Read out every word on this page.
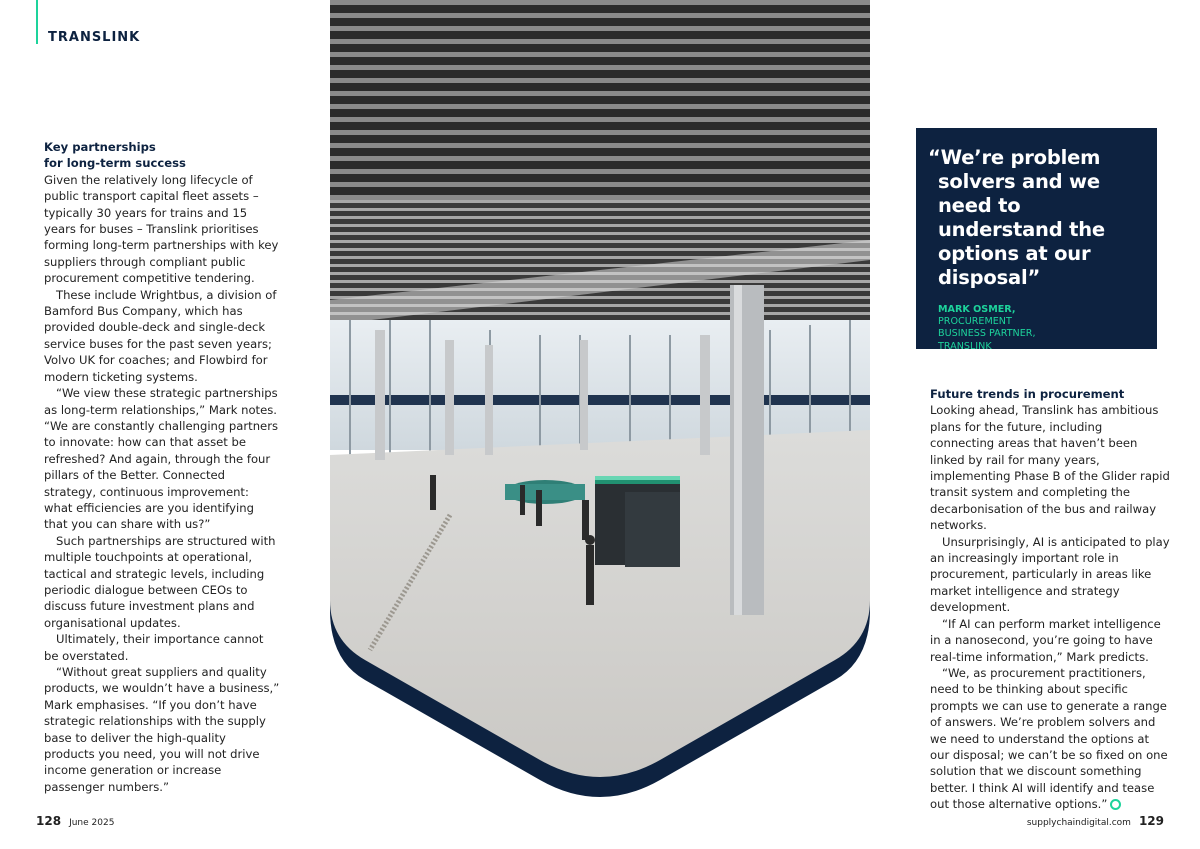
TRANSLINK
Key partnerships
for long-term success

Given the relatively long lifecycle of public transport capital fleet assets – typically 30 years for trains and 15 years for buses – Translink prioritises forming long-term partnerships with key suppliers through compliant public procurement competitive tendering.

These include Wrightbus, a division of Bamford Bus Company, which has provided double-deck and single-deck service buses for the past seven years; Volvo UK for coaches; and Flowbird for modern ticketing systems.

“We view these strategic partnerships as long-term relationships,” Mark notes. “We are constantly challenging partners to innovate: how can that asset be refreshed? And again, through the four pillars of the Better. Connected strategy, continuous improvement: what efficiencies are you identifying that you can share with us?”

Such partnerships are structured with multiple touchpoints at operational, tactical and strategic levels, including periodic dialogue between CEOs to discuss future investment plans and organisational updates.

Ultimately, their importance cannot be overstated.

“Without great suppliers and quality products, we wouldn’t have a business,” Mark emphasises. “If you don’t have strategic relationships with the supply base to deliver the high-quality products you need, you will not drive income generation or increase passenger numbers.”

“We’re problem solvers and we need to understand the options at our disposal”
MARK OSMER,
PROCUREMENT
BUSINESS PARTNER,
TRANSLINK
Future trends in procurement

Looking ahead, Translink has ambitious plans for the future, including connecting areas that haven’t been linked by rail for many years, implementing Phase B of the Glider rapid transit system and completing the decarbonisation of the bus and railway networks.

Unsurprisingly, AI is anticipated to play an increasingly important role in procurement, particularly in areas like market intelligence and strategy development.

“If AI can perform market intelligence in a nanosecond, you’re going to have real-time information,” Mark predicts.

“We, as procurement practitioners, need to be thinking about specific prompts we can use to generate a range of answers. We’re problem solvers and we need to understand the options at our disposal; we can’t be so fixed on one solution that we discount something better. I think AI will identify and tease out those alternative options.”

128 June 2025	supplychaindigital.com 129
